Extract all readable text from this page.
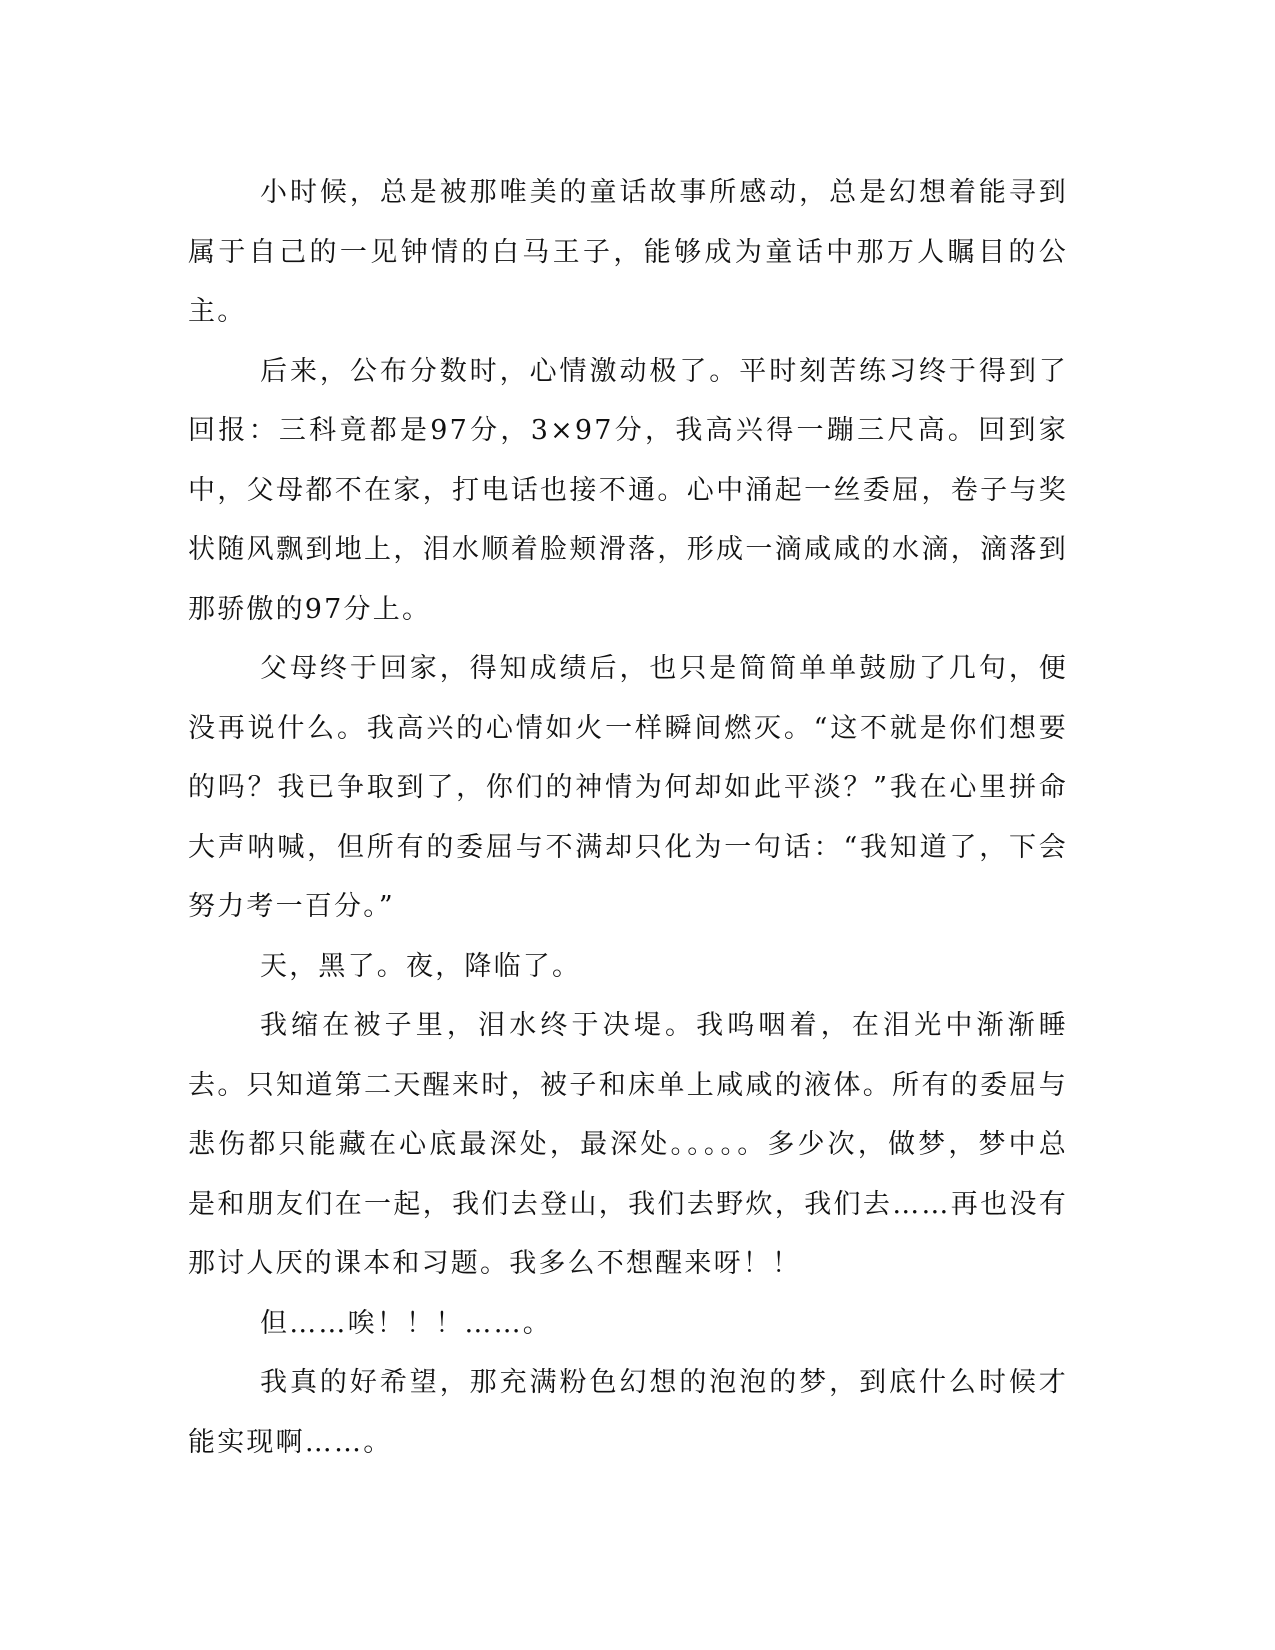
小时候，总是被那唯美的童话故事所感动，总是幻想着能寻到属于自己的一见钟情的白马王子，能够成为童话中那万人瞩目的公主。

后来，公布分数时，心情激动极了。平时刻苦练习终于得到了回报：三科竟都是97分，3×97分，我高兴得一蹦三尺高。回到家中，父母都不在家，打电话也接不通。心中涌起一丝委屈，卷子与奖状随风飘到地上，泪水顺着脸颊滑落，形成一滴咸咸的水滴，滴落到那骄傲的97分上。

父母终于回家，得知成绩后，也只是简简单单鼓励了几句，便没再说什么。我高兴的心情如火一样瞬间燃灭。“这不就是你们想要的吗？我已争取到了，你们的神情为何却如此平淡？”我在心里拼命大声呐喊，但所有的委屈与不满却只化为一句话：“我知道了，下会努力考一百分。”

天，黑了。夜，降临了。

我缩在被子里，泪水终于决堤。我呜咽着，在泪光中渐渐睡去。只知道第二天醒来时，被子和床单上咸咸的液体。所有的委屈与悲伤都只能藏在心底最深处，最深处。。。。。多少次，做梦，梦中总是和朋友们在一起，我们去登山，我们去野炊，我们去……再也没有那讨人厌的课本和习题。我多么不想醒来呀！！

但……唉！！！……。

我真的好希望，那充满粉色幻想的泡泡的梦，到底什么时候才能实现啊……。
